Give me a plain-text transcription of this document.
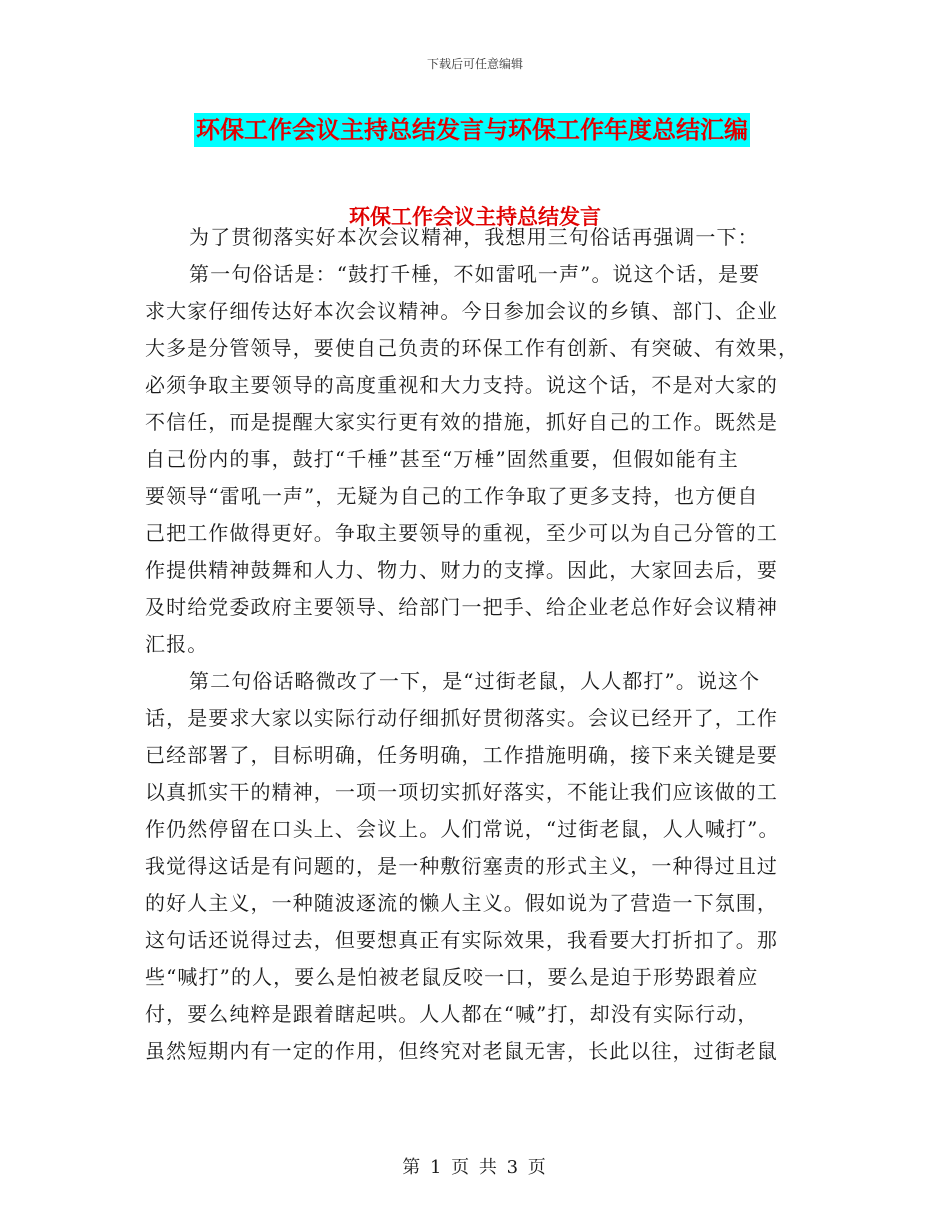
下载后可任意编辑
环保工作会议主持总结发言与环保工作年度总结汇编
环保工作会议主持总结发言
为了贯彻落实好本次会议精神，我想用三句俗话再强调一下：
第一句俗话是：“鼓打千棰，不如雷吼一声”。说这个话，是要
求大家仔细传达好本次会议精神。今日参加会议的乡镇、部门、企业
大多是分管领导，要使自己负责的环保工作有创新、有突破、有效果，
必须争取主要领导的高度重视和大力支持。说这个话，不是对大家的
不信任，而是提醒大家实行更有效的措施，抓好自己的工作。既然是
自己份内的事，鼓打“千棰”甚至“万棰”固然重要，但假如能有主
要领导“雷吼一声”，无疑为自己的工作争取了更多支持，也方便自
己把工作做得更好。争取主要领导的重视，至少可以为自己分管的工
作提供精神鼓舞和人力、物力、财力的支撑。因此，大家回去后，要
及时给党委政府主要领导、给部门一把手、给企业老总作好会议精神
汇报。
第二句俗话略微改了一下，是“过街老鼠，人人都打”。说这个
话，是要求大家以实际行动仔细抓好贯彻落实。会议已经开了，工作
已经部署了，目标明确，任务明确，工作措施明确，接下来关键是要
以真抓实干的精神，一项一项切实抓好落实，不能让我们应该做的工
作仍然停留在口头上、会议上。人们常说，“过街老鼠，人人喊打”。
我觉得这话是有问题的，是一种敷衍塞责的形式主义，一种得过且过
的好人主义，一种随波逐流的懒人主义。假如说为了营造一下氛围，
这句话还说得过去，但要想真正有实际效果，我看要大打折扣了。那
些“喊打”的人，要么是怕被老鼠反咬一口，要么是迫于形势跟着应
付，要么纯粹是跟着瞎起哄。人人都在“喊”打，却没有实际行动，
虽然短期内有一定的作用，但终究对老鼠无害，长此以往，过街老鼠
第 1 页 共 3 页
